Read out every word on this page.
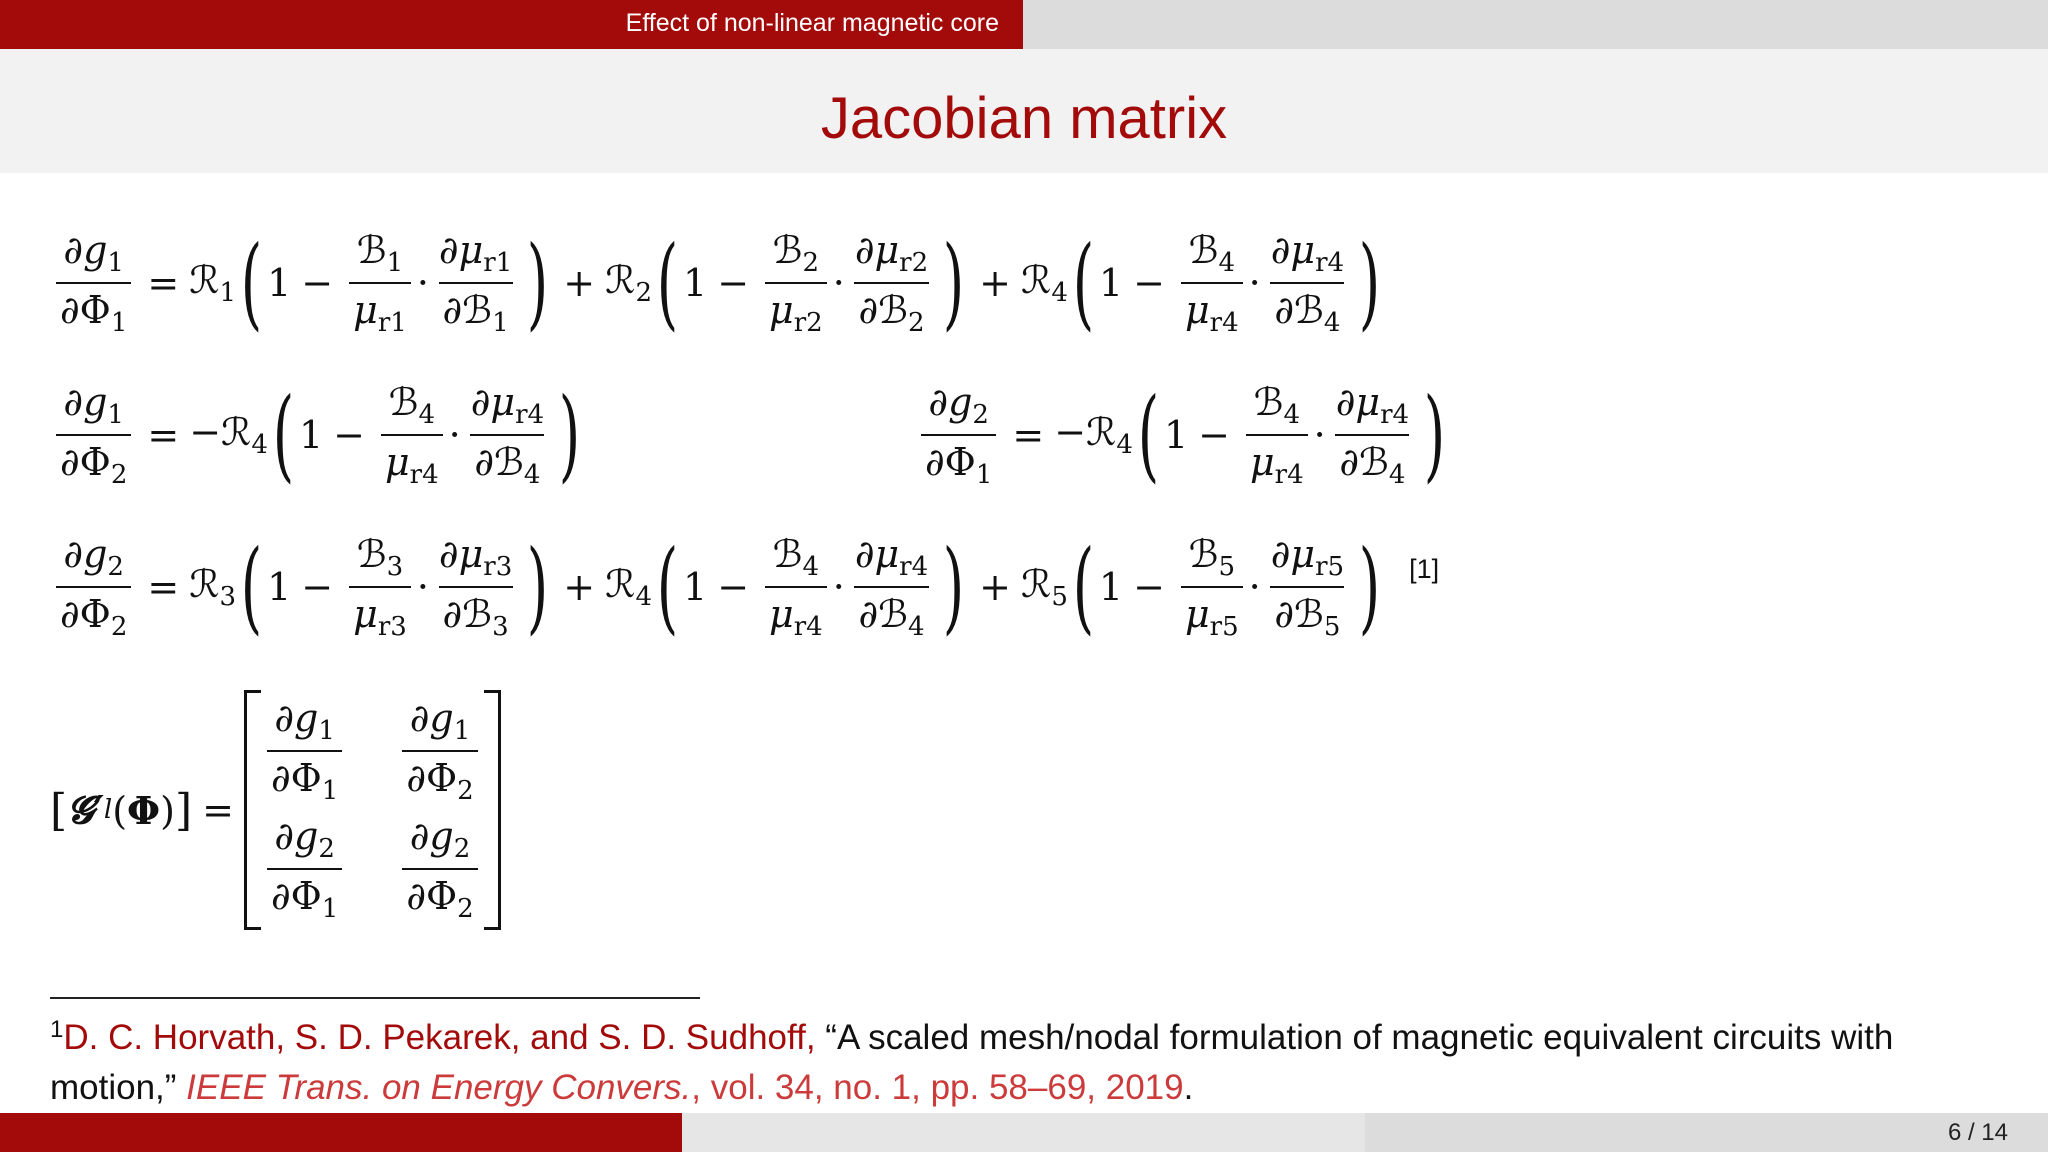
Effect of non-linear magnetic core
Jacobian matrix
$\frac{\partial g_1}{\partial\Phi_1}$ = ℛ$_1$ ( $1 - \frac{ℬ_1}{\mu_{r1}} \cdot \frac{\partial\mu_{r1}}{\partial ℬ_1}$ ) + ℛ$_2$ ( $1 - \frac{ℬ_2}{\mu_{r2}} \cdot \frac{\partial\mu_{r2}}{\partial ℬ_2}$ ) + ℛ$_4$ ( $1 - \frac{ℬ_4}{\mu_{r4}} \cdot \frac{\partial\mu_{r4}}{\partial ℬ_4}$ )
$\frac{\partial g_1}{\partial\Phi_2}$ = −ℛ$_4$ ( $1 - \frac{ℬ_4}{\mu_{r4}} \cdot \frac{\partial\mu_{r4}}{\partial ℬ_4}$ )	$\frac{\partial g_2}{\partial\Phi_1}$ = −ℛ$_4$ ( $1 - \frac{ℬ_4}{\mu_{r4}} \cdot \frac{\partial\mu_{r4}}{\partial ℬ_4}$ )
$\frac{\partial g_2}{\partial\Phi_2}$ = ℛ$_3$ ( $1 - \frac{ℬ_3}{\mu_{r3}} \cdot \frac{\partial\mu_{r3}}{\partial ℬ_3}$ ) + ℛ$_4$ ( $1 - \frac{ℬ_4}{\mu_{r4}} \cdot \frac{\partial\mu_{r4}}{\partial ℬ_4}$ ) + ℛ$_5$ ( $1 - \frac{ℬ_5}{\mu_{r5}} \cdot \frac{\partial\mu_{r5}}{\partial ℬ_5}$ ) [1]
[ 𝓖′ l (Φ) ] =
$\frac{\partial g_1}{\partial\Phi_1} \frac{\partial g_1}{\partial\Phi_2}$
$\frac{\partial g_2}{\partial\Phi_1} \frac{\partial g_2}{\partial\Phi_2}$
$^1$D. C. Horvath, S. D. Pekarek, and S. D. Sudhoff, “A scaled mesh/nodal formulation of magnetic equivalent circuits with motion,” IEEE Trans. on Energy Convers., vol. 34, no. 1, pp. 58–69, 2019.
6 / 14
